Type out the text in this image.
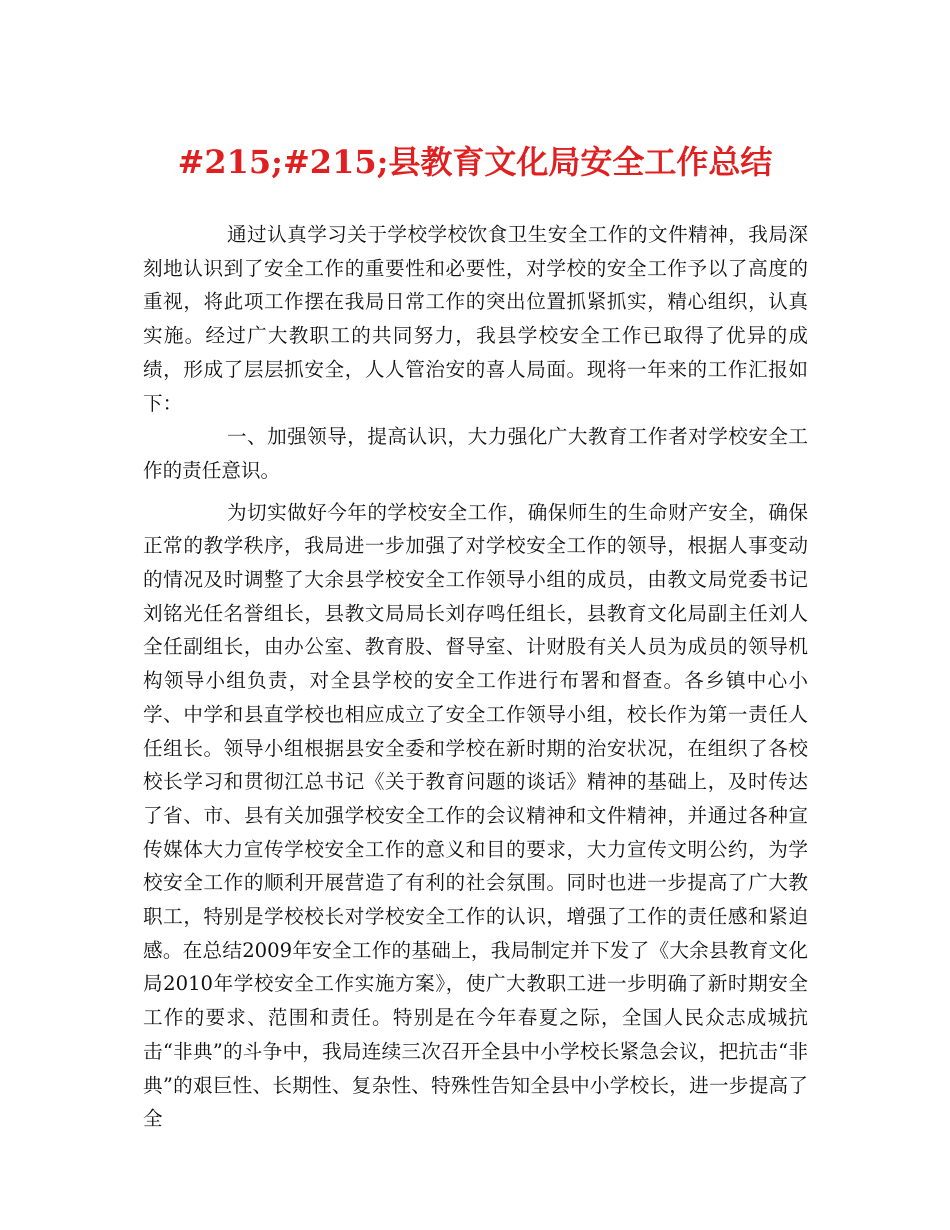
#215;#215;县教育文化局安全工作总结

通过认真学习关于学校学校饮食卫生安全工作的文件精神，我局深刻地认识到了安全工作的重要性和必要性，对学校的安全工作予以了高度的重视，将此项工作摆在我局日常工作的突出位置抓紧抓实，精心组织，认真实施。经过广大教职工的共同努力，我县学校安全工作已取得了优异的成绩，形成了层层抓安全，人人管治安的喜人局面。现将一年来的工作汇报如下：

一、加强领导，提高认识，大力强化广大教育工作者对学校安全工作的责任意识。

为切实做好今年的学校安全工作，确保师生的生命财产安全，确保正常的教学秩序，我局进一步加强了对学校安全工作的领导，根据人事变动的情况及时调整了大余县学校安全工作领导小组的成员，由教文局党委书记刘铭光任名誉组长，县教文局局长刘存鸣任组长，县教育文化局副主任刘人全任副组长，由办公室、教育股、督导室、计财股有关人员为成员的领导机构领导小组负责，对全县学校的安全工作进行布署和督查。各乡镇中心小学、中学和县直学校也相应成立了安全工作领导小组，校长作为第一责任人任组长。领导小组根据县安全委和学校在新时期的治安状况，在组织了各校校长学习和贯彻江总书记《关于教育问题的谈话》精神的基础上，及时传达了省、市、县有关加强学校安全工作的会议精神和文件精神，并通过各种宣传媒体大力宣传学校安全工作的意义和目的要求，大力宣传文明公约，为学校安全工作的顺利开展营造了有利的社会氛围。同时也进一步提高了广大教职工，特别是学校校长对学校安全工作的认识，增强了工作的责任感和紧迫感。在总结2009年安全工作的基础上，我局制定并下发了《大余县教育文化局2010年学校安全工作实施方案》，使广大教职工进一步明确了新时期安全工作的要求、范围和责任。特别是在今年春夏之际，全国人民众志成城抗击“非典”的斗争中，我局连续三次召开全县中小学校长紧急会议，把抗击“非典”的艰巨性、长期性、复杂性、特殊性告知全县中小学校长，进一步提高了全
